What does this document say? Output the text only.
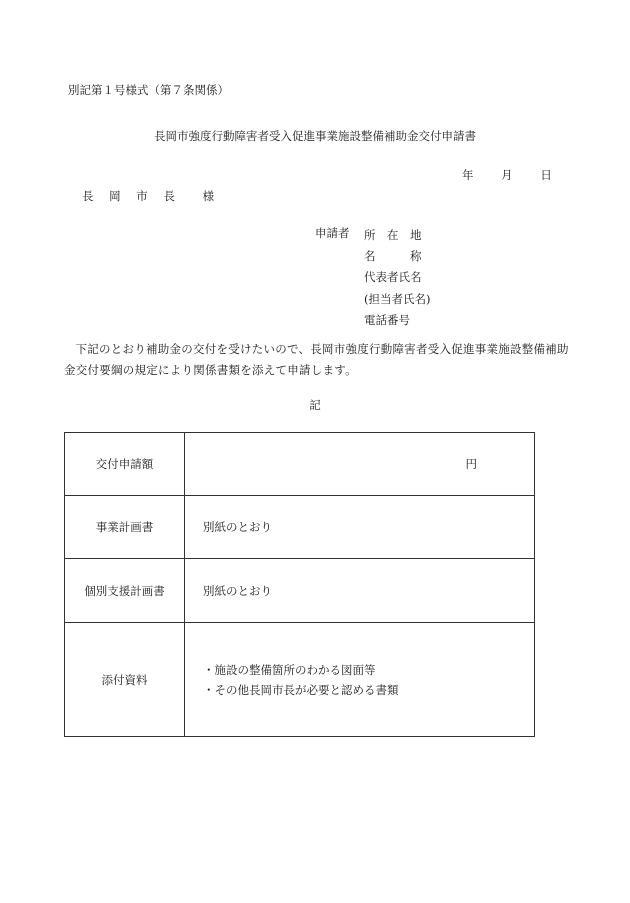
別記第１号様式（第７条関係）
長岡市強度行動障害者受入促進事業施設整備補助金交付申請書
年 月 日
長 岡 市 長 様
申請者 所　在　地
名　　　称
代表者氏名
(担当者氏名)
電話番号
下記のとおり補助金の交付を受けたいので、長岡市強度行動障害者受入促進事業施設整備補助金交付要綱の規定により関係書類を添えて申請します。
記
交付申請額	円

事業計画書	別紙のとおり
個別支援計画書	別紙のとおり
添付資料	・施設の整備箇所のわかる図面等
・その他長岡市長が必要と認める書類
